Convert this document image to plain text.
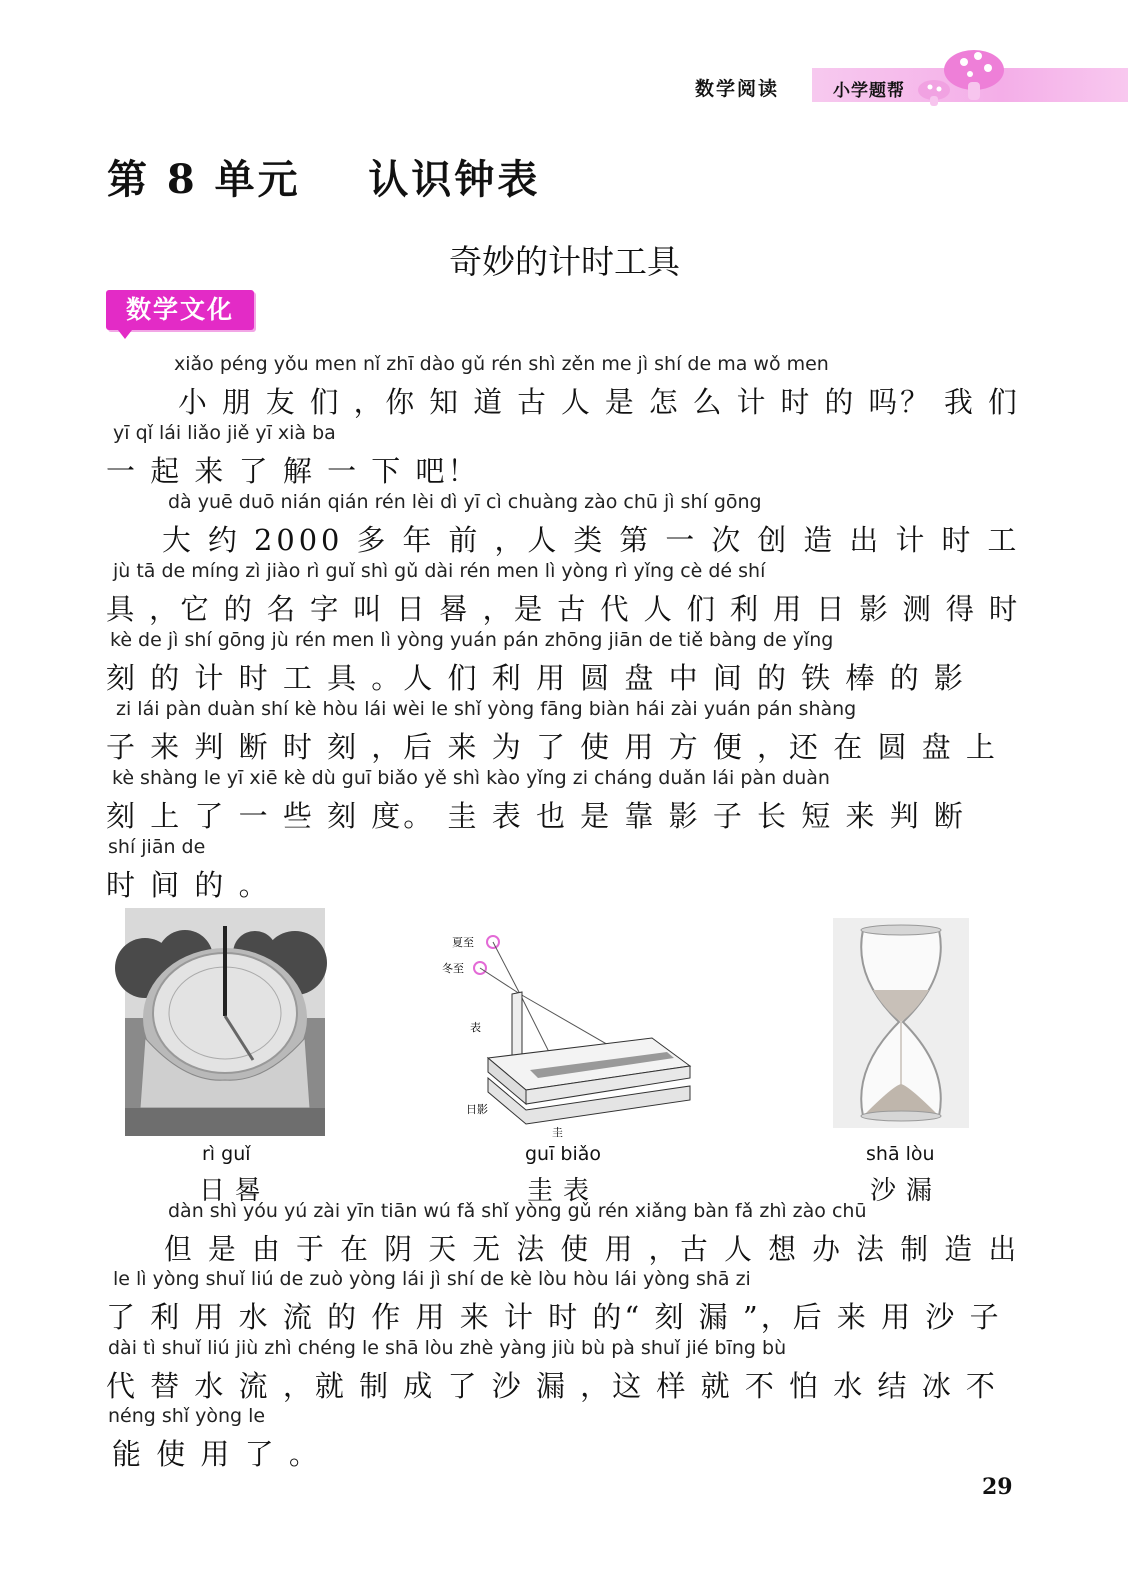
数学阅读	小学题帮
第 8 单元    认识钟表
奇妙的计时工具
数学文化
xiǎo péng yǒu men nǐ zhī dào gǔ rén shì zěn me jì shí de ma wǒ men
小 朋 友 们 ，你 知 道 古 人 是 怎 么 计 时 的 吗？ 我 们
yī qǐ lái liǎo jiě yī xià ba
一 起 来 了 解 一 下 吧！
dà yuē duō nián qián rén lèi dì yī cì chuàng zào chū jì shí gōng
大 约 2000 多 年 前 ，人 类 第 一 次 创 造 出 计 时 工
jù tā de míng zì jiào rì guǐ shì gǔ dài rén men lì yòng rì yǐng cè dé shí
具 ，它 的 名 字 叫 日 晷 ，是 古 代 人 们 利 用 日 影 测 得 时
kè de jì shí gōng jù rén men lì yòng yuán pán zhōng jiān de tiě bàng de yǐng
刻 的 计 时 工 具 。人 们 利 用 圆 盘 中 间 的 铁 棒 的 影
zi lái pàn duàn shí kè hòu lái wèi le shǐ yòng fāng biàn hái zài yuán pán shàng
子 来 判 断 时 刻 ，后 来 为 了 使 用 方 便 ，还 在 圆 盘 上
kè shàng le yī xiē kè dù guī biǎo yě shì kào yǐng zi cháng duǎn lái pàn duàn
刻 上 了 一 些 刻 度。 圭 表 也 是 靠 影 子 长 短 来 判 断
shí jiān de
时 间 的 。
夏至
冬至
表
日影
圭
rì guǐ
日晷
guī biǎo
圭表
shā lòu
沙漏
dàn shì yóu yú zài yīn tiān wú fǎ shǐ yòng gǔ rén xiǎng bàn fǎ zhì zào chū
但 是 由 于 在 阴 天 无 法 使 用 ，古 人 想 办 法 制 造 出
le lì yòng shuǐ liú de zuò yòng lái jì shí de kè lòu hòu lái yòng shā zi
了 利 用 水 流 的 作 用 来 计 时 的“ 刻 漏 ”，后 来 用 沙 子
dài tì shuǐ liú jiù zhì chéng le shā lòu zhè yàng jiù bù pà shuǐ jié bīng bù
代 替 水 流 ，就 制 成 了 沙 漏 ，这 样 就 不 怕 水 结 冰 不
néng shǐ yòng le
能 使 用 了 。
29
